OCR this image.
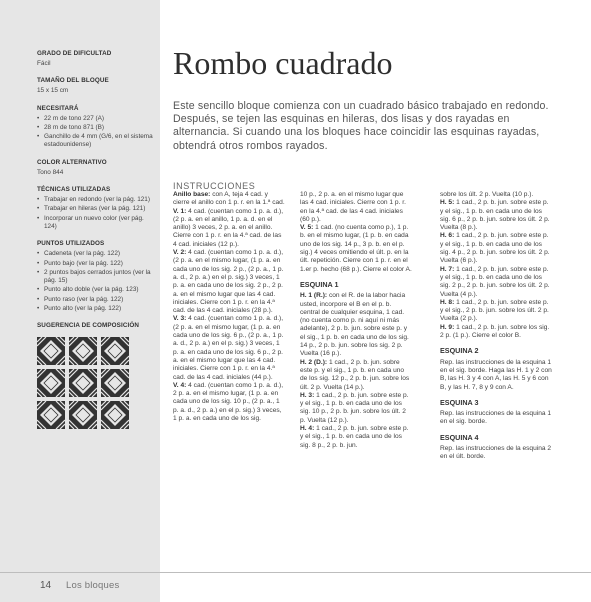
GRADO DE DIFICULTAD

Fácil

TAMAÑO DEL BLOQUE

15 x 15 cm

NECESITARÁ

• 22 m de tono 227 (A)
• 28 m de tono 871 (B)
• Ganchillo de 4 mm (G/6, en el sistema estadounidense)

COLOR ALTERNATIVO

Tono 844

TÉCNICAS UTILIZADAS

• Trabajar en redondo (ver la pág. 121)
• Trabajar en hileras (ver la pág. 121)
• Incorporar un nuevo color (ver pág. 124)

PUNTOS UTILIZADOS

• Cadeneta (ver la pág. 122)
• Punto bajo (ver la pág. 122)
• 2 puntos bajos cerrados juntos (ver la pág. 15)
• Punto alto doble (ver la pág. 123)
• Punto raso (ver la pág. 122)
• Punto alto (ver la pág. 122)

SUGERENCIA DE COMPOSICIÓN

14 Los bloques
Rombo cuadrado

Este sencillo bloque comienza con un cuadrado básico trabajado en redondo. Después, se tejen las esquinas en hileras, dos lisas y dos rayadas en alternancia. Si cuando una los bloques hace coincidir las esquinas rayadas, obtendrá otros rombos rayados.

INSTRUCCIONES

Anillo base: con A, teja 4 cad. y cierre el anillo con 1 p. r. en la 1.ª cad.

V. 1: 4 cad. (cuentan como 1 p. a. d.), (2 p. a. en el anillo, 1 p. a. d. en el anillo) 3 veces, 2 p. a. en el anillo. Cierre con 1 p. r. en la 4.ª cad. de las 4 cad. iniciales (12 p.).

V. 2: 4 cad. (cuentan como 1 p. a. d.), (2 p. a. en el mismo lugar, (1 p. a. en cada uno de los sig. 2 p., (2 p. a., 1 p. a. d., 2 p. a.) en el p. sig.) 3 veces, 1 p. a. en cada uno de los sig. 2 p., 2 p. a. en el mismo lugar que las 4 cad. iniciales. Cierre con 1 p. r. en la 4.ª cad. de las 4 cad. iniciales (28 p.).

V. 3: 4 cad. (cuentan como 1 p. a. d.), (2 p. a. en el mismo lugar, (1 p. a. en cada uno de los sig. 6 p., (2 p. a., 1 p. a. d., 2 p. a.) en el p. sig.) 3 veces, 1 p. a. en cada uno de los sig. 6 p., 2 p. a. en el mismo lugar que las 4 cad. iniciales. Cierre con 1 p. r. en la 4.ª cad. de las 4 cad. iniciales (44 p.).

V. 4: 4 cad. (cuentan como 1 p. a. d.), 2 p. a. en el mismo lugar, (1 p. a. en cada uno de los sig. 10 p., (2 p. a., 1 p. a. d., 2 p. a.) en el p. sig.) 3 veces, 1 p. a. en cada uno de los sig.

10 p., 2 p. a. en el mismo lugar que las 4 cad. iniciales. Cierre con 1 p. r. en la 4.ª cad. de las 4 cad. iniciales (60 p.).

V. 5: 1 cad. (no cuenta como p.), 1 p. b. en el mismo lugar, (1 p. b. en cada uno de los sig. 14 p., 3 p. b. en el p. sig.) 4 veces omitiendo el últ. p. en la últ. repetición. Cierre con 1 p. r. en el 1.er p. hecho (68 p.). Cierre el color A.

ESQUINA 1

H. 1 (R.): con el R. de la labor hacia usted, incorpore el B en el p. b. central de cualquier esquina, 1 cad. (no cuenta como p. ni aquí ni más adelante), 2 p. b. jun. sobre este p. y el sig., 1 p. b. en cada uno de los sig. 14 p., 2 p. b. jun. sobre los sig. 2 p. Vuelta (16 p.).

H. 2 (D.): 1 cad., 2 p. b. jun. sobre este p. y el sig., 1 p. b. en cada uno de los sig. 12 p., 2 p. b. jun. sobre los últ. 2 p. Vuelta (14 p.).

H. 3: 1 cad., 2 p. b. jun. sobre este p. y el sig., 1 p. b. en cada uno de los sig. 10 p., 2 p. b. jun. sobre los últ. 2 p. Vuelta (12 p.).

H. 4: 1 cad., 2 p. b. jun. sobre este p. y el sig., 1 p. b. en cada uno de los sig. 8 p., 2 p. b. jun.

sobre los últ. 2 p. Vuelta (10 p.).

H. 5: 1 cad., 2 p. b. jun. sobre este p. y el sig., 1 p. b. en cada uno de los sig. 6 p., 2 p. b. jun. sobre los últ. 2 p. Vuelta (8 p.).

H. 6: 1 cad., 2 p. b. jun. sobre este p. y el sig., 1 p. b. en cada uno de los sig. 4 p., 2 p. b. jun. sobre los últ. 2 p. Vuelta (6 p.).

H. 7: 1 cad., 2 p. b. jun. sobre este p. y el sig., 1 p. b. en cada uno de los sig. 2 p., 2 p. b. jun. sobre los últ. 2 p. Vuelta (4 p.).

H. 8: 1 cad., 2 p. b. jun. sobre este p. y el sig., 2 p. b. jun. sobre los últ. 2 p. Vuelta (2 p.).

H. 9: 1 cad., 2 p. b. jun. sobre los sig. 2 p. (1 p.). Cierre el color B.

ESQUINA 2

Rep. las instrucciones de la esquina 1 en el sig. borde. Haga las H. 1 y 2 con B, las H. 3 y 4 con A, las H. 5 y 6 con B, y las H. 7, 8 y 9 con A.

ESQUINA 3

Rep. las instrucciones de la esquina 1 en el sig. borde.

ESQUINA 4

Rep. las instrucciones de la esquina 2 en el últ. borde.
